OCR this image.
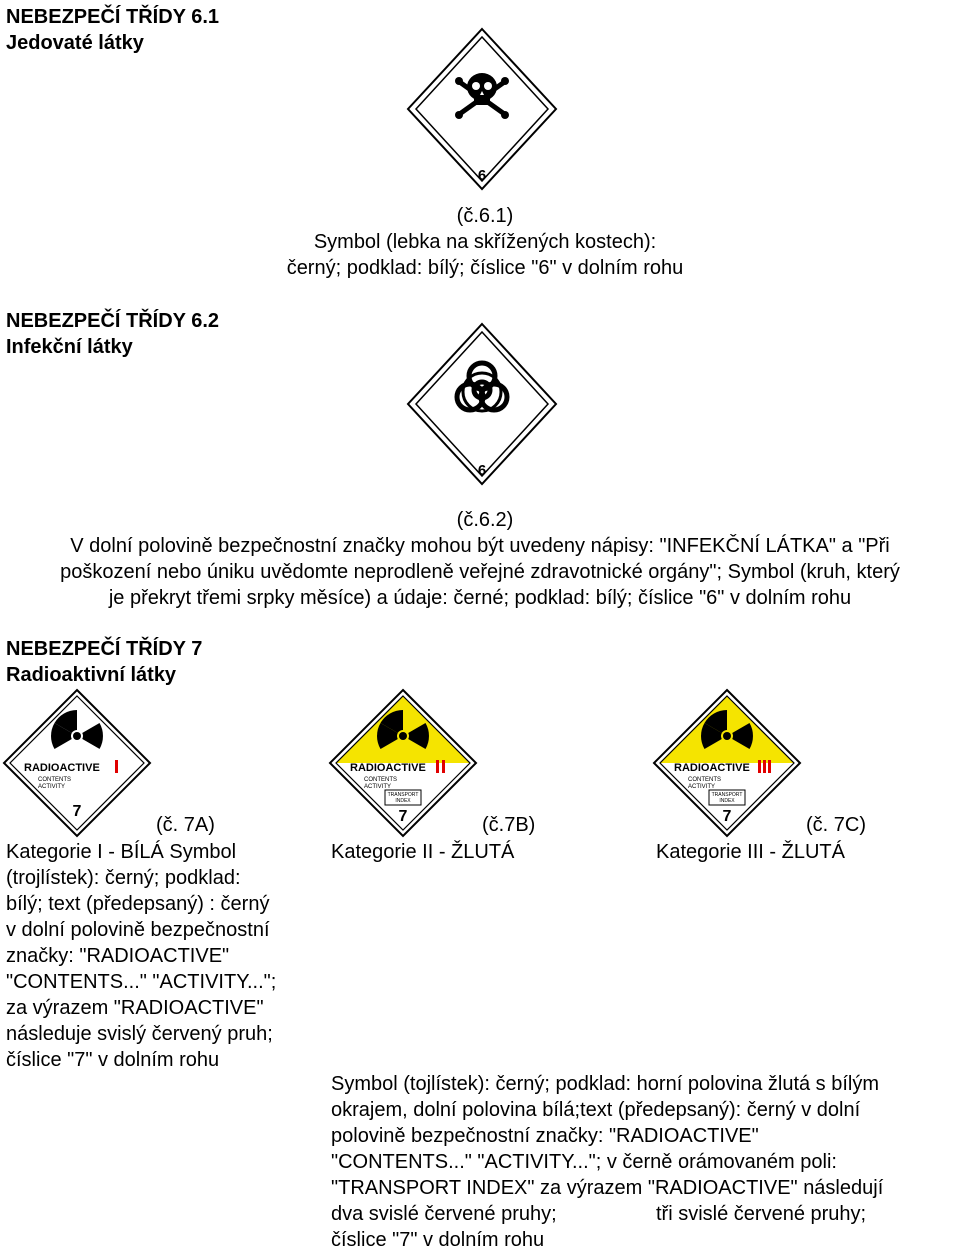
NEBEZPEČÍ TŘÍDY 6.1
Jedovaté látky
6
(č.6.1)
Symbol (lebka na skřížených kostech):
černý; podklad: bílý; číslice "6" v dolním rohu
NEBEZPEČÍ TŘÍDY 6.2
Infekční látky
6
(č.6.2)
V dolní polovině bezpečnostní značky mohou být uvedeny nápisy: "INFEKČNÍ LÁTKA" a "Při
poškození nebo úniku uvědomte neprodleně veřejné zdravotnické orgány"; Symbol (kruh, který
je překryt třemi srpky měsíce) a údaje: černé; podklad: bílý; číslice "6" v dolním rohu
NEBEZPEČÍ TŘÍDY 7
Radioaktivní látky
RADIOACTIVE
CONTENTS
ACTIVITY
7
RADIOACTIVE
CONTENTS
ACTIVITY
TRANSPORT
INDEX
7
RADIOACTIVE
CONTENTS
ACTIVITY
TRANSPORT
INDEX
7
(č. 7A)	(č.7B)	(č. 7C)
Kategorie I - BÍLÁ Symbol	Kategorie II - ŽLUTÁ	Kategorie III - ŽLUTÁ
(trojlístek): černý; podklad:
bílý; text (předepsaný) : černý
v dolní polovině bezpečnostní
značky: "RADIOACTIVE"
"CONTENTS..." "ACTIVITY...";
za výrazem "RADIOACTIVE"
následuje svislý červený pruh;
číslice "7" v dolním rohu
Symbol (tojlístek): černý; podklad: horní polovina žlutá s bílým
okrajem, dolní polovina bílá;text (předepsaný): černý v dolní
polovině bezpečnostní značky: "RADIOACTIVE"
"CONTENTS..." "ACTIVITY..."; v černě orámovaném poli:
"TRANSPORT INDEX" za výrazem "RADIOACTIVE" následují
dva svislé červené pruhy;	tři svislé červené pruhy;
číslice "7" v dolním rohu
